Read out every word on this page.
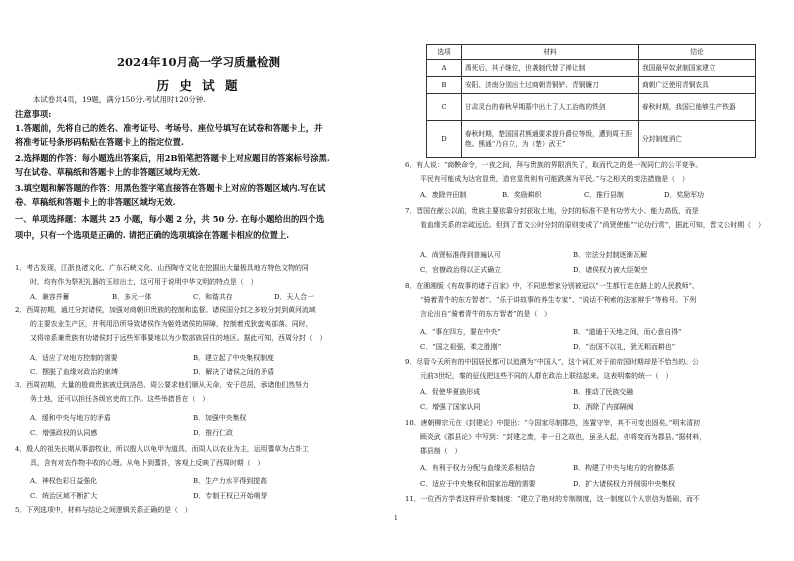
2024年10月高一学习质量检测
历 史 试 题
本试卷共4页，19题，满分150分.考试用时120分钟.
注意事项:
1.答题前，先将自己的姓名、准考证号、考场号、座位号填写在试卷和答题卡上，并
将准考证号条形码粘贴在答题卡上的指定位置.
2.选择题的作答：每小题选出答案后，用2B铅笔把答题卡上对应题目的答案标号涂黑.
写在试卷、草稿纸和答题卡上的非答题区域均无效.
3.填空题和解答题的作答：用黑色签字笔直接答在答题卡上对应的答题区域内.写在试
卷、草稿纸和答题卡上的非答题区域均无效.
一、单项选择题：本题共 25 小题，每小题 2 分，共 50 分. 在每小题给出的四个选
项中，只有一个选项是正确的. 请把正确的选项填涂在答题卡相应的位置上.
1．考古发现，江浙良渚文化、广东石峡文化、山西陶寺文化在挖掘出大量极具地方特色文物的同
时，均有作为祭祀礼器的玉琮出土，这可用于说明中华文明的特点是（　）
A．兼容并蓄	B．多元一体	C．和谐共存	D．天人合一
2．西周初期，通过分封诸侯，加强对商朝旧贵族的控制和监督。诸侯国分封之多较分封到黄河流域
的主要农业生产区，并利用沿所导致诸侯作为姬姓诸侯的屏障，控制着戎狄蛮夷部落。同时，
又将帝系兼贵族有功诸侯封于远些军事要地以为少数部族居住的地区。据此可知，西周分封（　）
A．适应了对地方控制的需要	B．建立起了中央集权制度
C．摆脱了血缘对政治的束缚	D．解决了诸侯之间的矛盾
3．西周初期，大量的殷商贵族被迁到洛邑、周公要求他们顺从天命，安于邑居，承诸他们然努力
务土地，还可以担任各级官吏的工作。这些举措旨在（　）
A．缓和中央与地方的矛盾	B．加强中央集权
C．增强政权的认同感	D．推行仁政
4．殷人的祖先长期从事游牧业，所以殷人以龟甲为道具，而周人以农业为主，运用蓍草为占卦工
具，含有对农作物丰收的心理。从龟卜到蓍卦，客观上反映了西周时期（　）
A．神权色彩日益强化	B．生产力水平得到提高
C．统治区域不断扩大	D．专制王权已开始萌芽
5．下列选项中，材料与结论之间逻辑关系正确的是（　）
1
选项	材料	结论
A	禹死后，其子继位，世袭制代替了禅让制	我国最早奴隶制国家建立
B	安阳、济南分别出土过商朝青铜铲、青铜镰刀	商朝广泛使用青铜农具
C	甘肃灵台的春秋早期墓中出土了人工冶炼的铁剑	春秋时期，我国已能够生产铁器
D	春秋时期，楚国国君熊通要求提升爵位等级，遭到周王拒绝。熊通“乃自立，为（楚）武王”	分封制度消亡
6．有人说：“商鞅命令，一夜之间，拜与贵族的界限消失了，取而代之的是一视同仁的公平竞争。
平民有可能成为达官显贵，造官显贵则有可能跌落为平民。”与之相关的变法措施是（　）
A．废除井田制	B．奖励耕织	C．推行县制	D．奖励军功
7．晋国在献公以前，贵族主要依靠分封获取土地，分封的标准不是有功劳大小、能力高低，而是
看血缘关系的亲疏远近。但到了晋文公时分封的原则变成了“尚贤使能”“论功行赏”，据此可知，晋文公时期（　）
A．尚贤标准得到普遍认可	B．宗法分封制逐渐瓦解
C．官僚政治得以正式确立	D．诸侯权力被大臣架空
8．在湘湘版《有故事的诸子百家》中，不同思想家分别被冠以“一生都行走在路上的人民教师”、
“骑着青牛的东方智者”、“乐于讲故事的养生专家”、“说话不利索的法家辩手”等称号。下列
言论出自“骑着青牛的东方智者”的是（　）
A．“事在四方，要在中央”	B．“道通于天地之间，而心意自得”
C．“国之祖强，柔之胜刚”	D．“治国不以礼，犹无耜而耕也”
9．尽管今天所有的中国居民都可以追溯为“中国人”，这个词汇对于前帝国时期却是不恰当的。公
元前3世纪，秦的征伐把这些不同的人群在政治上联结起来。这表明秦的统一（　）
A．促使华夏族形成	B．推动了民族交融
C．增强了国家认同	D．消除了内部隔阂
10．唐朝柳宗元在《封建论》中提出：“今国家尽制郡邑，连置守宰，其不可变也固矣。”明末清初
顾炎武《郡县论》中写到：“封建之废，非一日之故也，虽圣人起，亦将变而为郡县。”据材料，
郡县制（　）
A．有利于权力分配与血缘关系相结合	B．构建了中央与地方的官僚体系
C．适应于中央集权和国家治理的需要	D．扩大诸侯权力并削弱中央集权
11．一位西方学者这样评价秦制度：“建立了绝对的专制制度，这一制度以个人崇信为基础，而不
